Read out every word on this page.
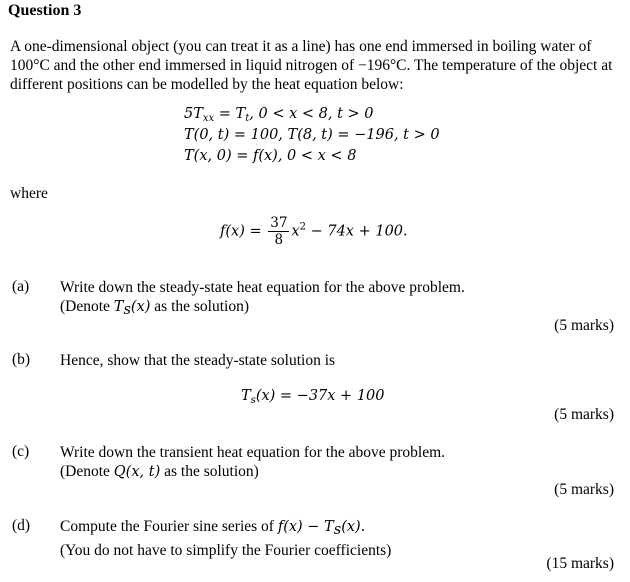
Question 3
A one-dimensional object (you can treat it as a line) has one end immersed in boiling water of 100°C and the other end immersed in liquid nitrogen of −196°C. The temperature of the object at different positions can be modelled by the heat equation below:
$5T_{xx} = T_t$, 0 < x < 8, t > 0
T(0, t) = 100, T(8, t) = −196, t > 0
T(x, 0) = f(x), 0 < x < 8
where
$f(x) = \frac{37}{8} x^2 - 74x + 100$.
(a) Write down the steady-state heat equation for the above problem.
(Denote $T_s(x)$ as the solution)
(5 marks)
(b) Hence, show that the steady-state solution is
$T_s(x) = -37x + 100$
(5 marks)
(c) Write down the transient heat equation for the above problem.
(Denote Q(x, t) as the solution)
(5 marks)
(d) Compute the Fourier sine series of $f(x) - T_s(x)$.
(You do not have to simplify the Fourier coefficients)
(15 marks)
